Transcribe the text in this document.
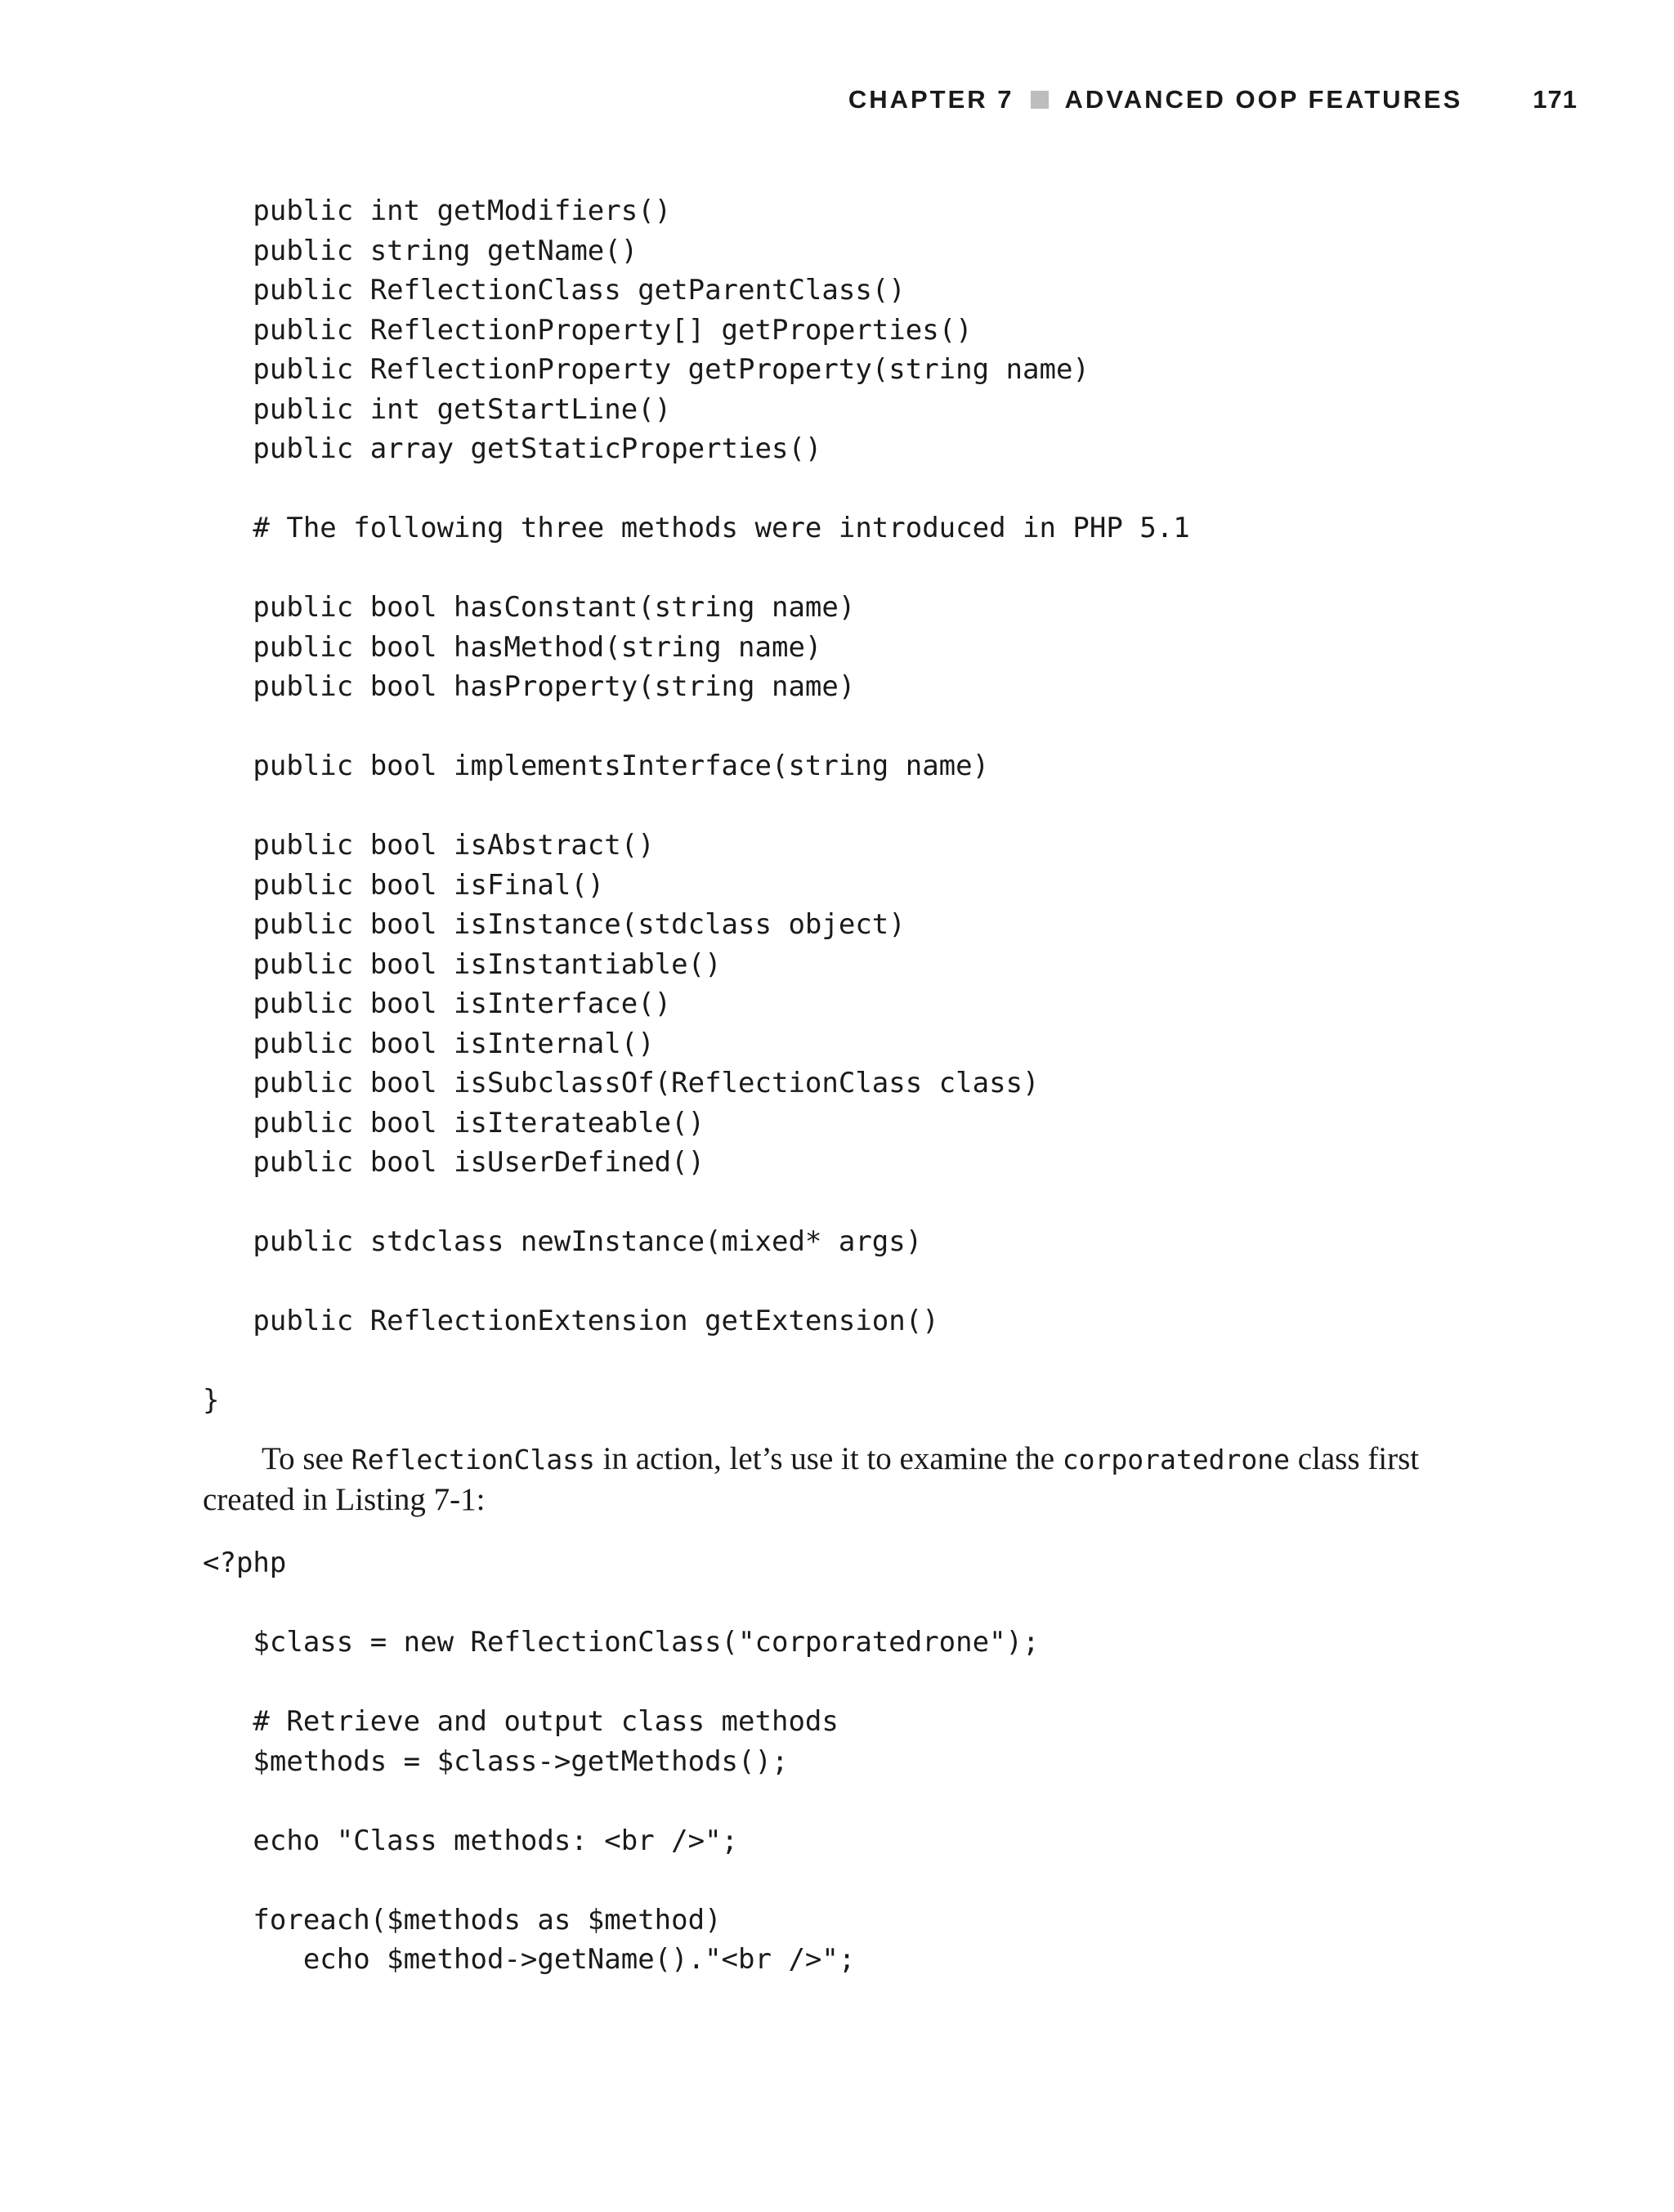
CHAPTER 7 ADVANCED OOP FEATURES	171
public int getModifiers()
public string getName()
public ReflectionClass getParentClass()
public ReflectionProperty[] getProperties()
public ReflectionProperty getProperty(string name)
public int getStartLine()
public array getStaticProperties()
# The following three methods were introduced in PHP 5.1
public bool hasConstant(string name)
public bool hasMethod(string name)
public bool hasProperty(string name)
public bool implementsInterface(string name)
public bool isAbstract()
public bool isFinal()
public bool isInstance(stdclass object)
public bool isInstantiable()
public bool isInterface()
public bool isInternal()
public bool isSubclassOf(ReflectionClass class)
public bool isIterateable()
public bool isUserDefined()
public stdclass newInstance(mixed* args)
public ReflectionExtension getExtension()
}

To see ReflectionClass in action, let’s use it to examine the corporatedrone class first created in Listing 7-1:

<?php
$class = new ReflectionClass("corporatedrone");
# Retrieve and output class methods
$methods = $class->getMethods();
echo "Class methods: <br />";
foreach($methods as $method)
echo $method->getName()."<br />";
